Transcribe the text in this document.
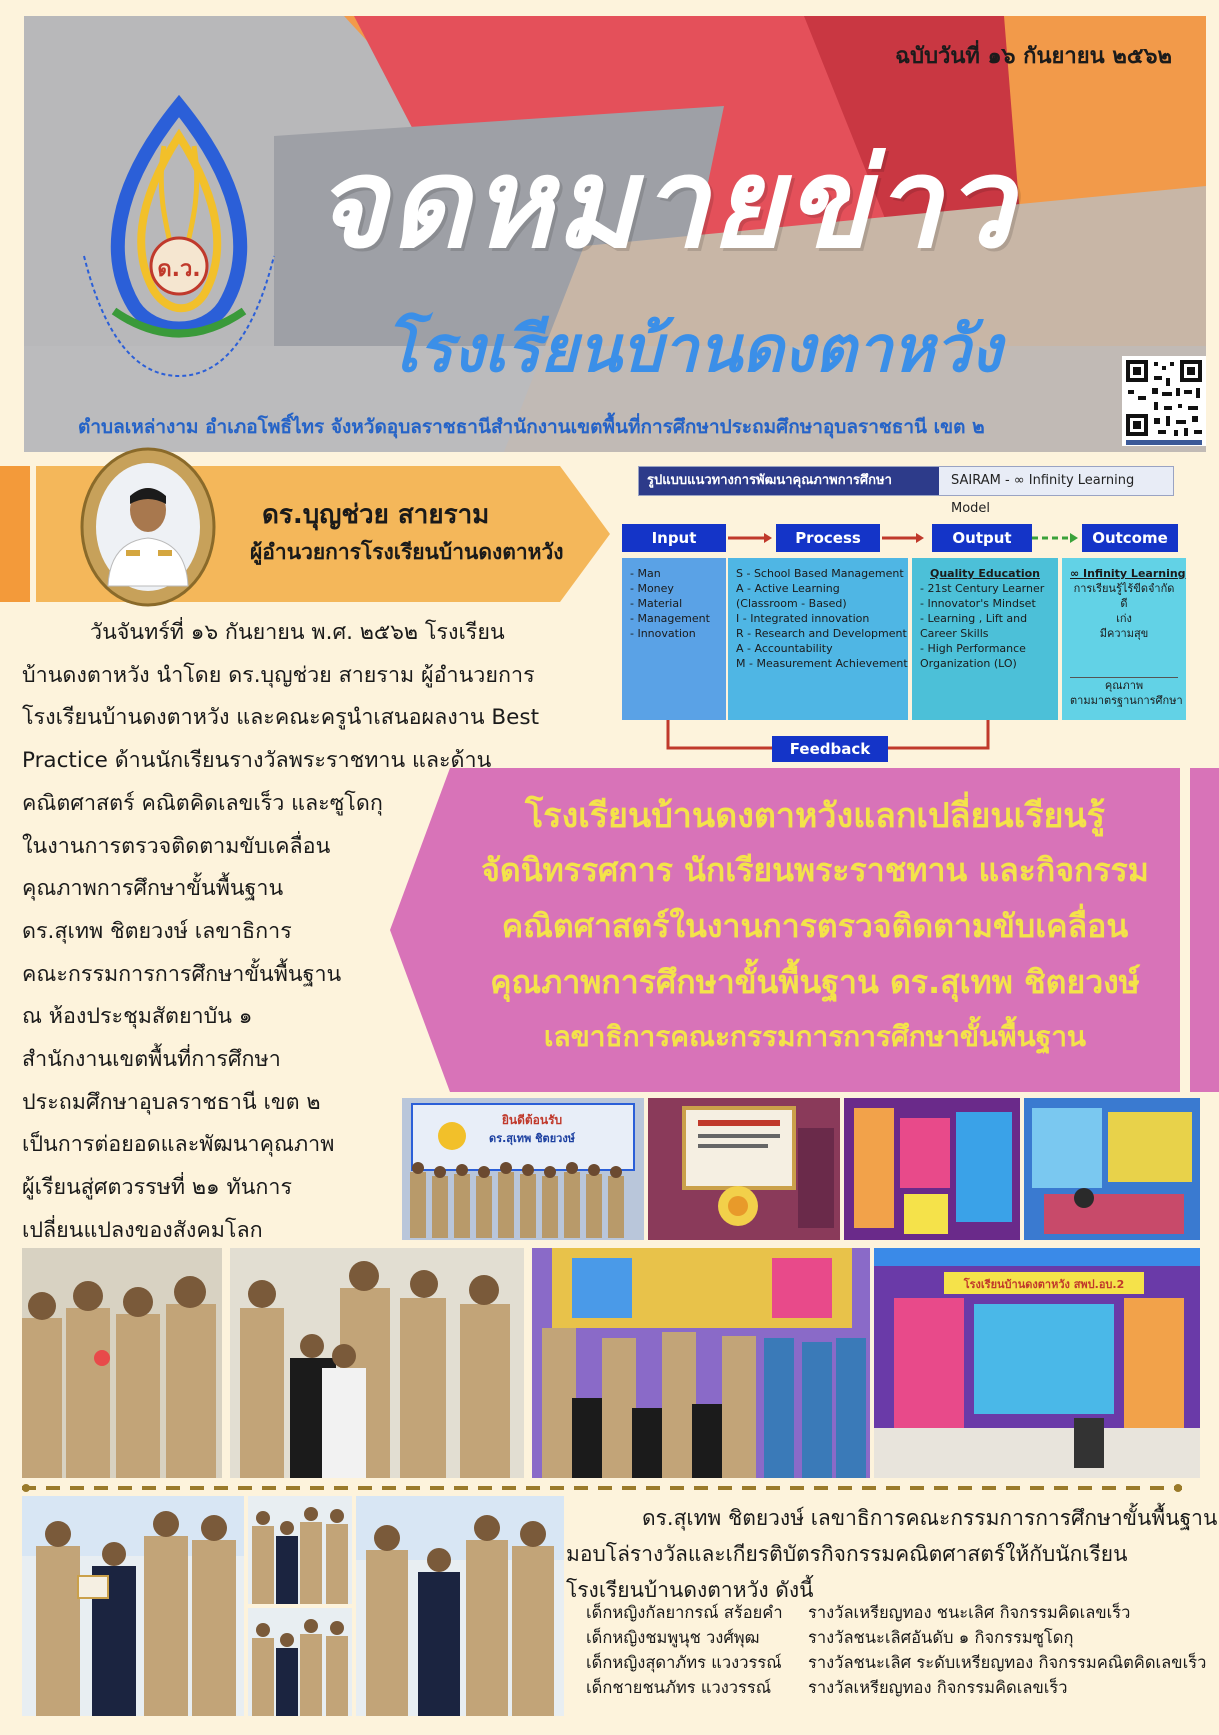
ด.ว.
ฉบับวันที่ ๑๖ กันยายน ๒๕๖๒
จดหมายข่าว
โรงเรียนบ้านดงตาหวัง
ตำบลเหล่างาม อำเภอโพธิ์ไทร จังหวัดอุบลราชธานีสำนักงานเขตพื้นที่การศึกษาประถมศึกษาอุบลราชธานี เขต ๒
ดร.บุญช่วย สายราม
ผู้อำนวยการโรงเรียนบ้านดงตาหวัง
วันจันทร์ที่ ๑๖ กันยายน พ.ศ. ๒๕๖๒ โรงเรียน
บ้านดงตาหวัง นำโดย ดร.บุญช่วย สายราม ผู้อำนวยการ
โรงเรียนบ้านดงตาหวัง และคณะครูนำเสนอผลงาน Best
Practice ด้านนักเรียนรางวัลพระราชทาน และด้าน
คณิตศาสตร์ คณิตคิดเลขเร็ว และซูโดกุ
ในงานการตรวจติดตามขับเคลื่อน
คุณภาพการศึกษาขั้นพื้นฐาน
ดร.สุเทพ ชิตยวงษ์ เลขาธิการ
คณะกรรมการการศึกษาขั้นพื้นฐาน
ณ ห้องประชุมสัตยาบัน ๑
สำนักงานเขตพื้นที่การศึกษา
ประถมศึกษาอุบลราชธานี เขต ๒
เป็นการต่อยอดและพัฒนาคุณภาพ
ผู้เรียนสู่ศตวรรษที่ ๒๑ ทันการ
เปลี่ยนแปลงของสังคมโลก
รูปแบบแนวทางการพัฒนาคุณภาพการศึกษา	SAIRAM - ∞ Infinity Learning Model
Input	Process	Output	Outcome
- Man
- Money
- Material
- Management
- Innovation
S - School Based Management
A - Active Learning
(Classroom - Based)
I - Integrated innovation
R - Research and Development
A - Accountability
M - Measurement Achievement
Quality Education
- 21st Century Learner
- Innovator's Mindset
- Learning , Lift and
Career Skills
- High Performance
Organization (LO)
∞ Infinity Learning
การเรียนรู้ไร้ขีดจำกัด
ดี
เก่ง
มีความสุข
คุณภาพ
ตามมาตรฐานการศึกษา
Feedback
โรงเรียนบ้านดงตาหวังแลกเปลี่ยนเรียนรู้
จัดนิทรรศการ นักเรียนพระราชทาน และกิจกรรม
คณิตศาสตร์ในงานการตรวจติดตามขับเคลื่อน
คุณภาพการศึกษาขั้นพื้นฐาน ดร.สุเทพ ชิตยวงษ์
เลขาธิการคณะกรรมการการศึกษาขั้นพื้นฐาน
ยินดีต้อนรับ
ดร.สุเทพ ชิตยวงษ์
โรงเรียนบ้านดงตาหวัง สพป.อบ.2
ดร.สุเทพ ชิตยวงษ์ เลขาธิการคณะกรรมการการศึกษาขั้นพื้นฐาน
มอบโล่รางวัลและเกียรติบัตรกิจกรรมคณิตศาสตร์ให้กับนักเรียน
โรงเรียนบ้านดงตาหวัง ดังนี้
เด็กหญิงกัลยากรณ์ สร้อยคำ รางวัลเหรียญทอง ชนะเลิศ กิจกรรมคิดเลขเร็ว
เด็กหญิงชมพูนุช วงศ์พุฒ	รางวัลชนะเลิศอันดับ ๑ กิจกรรมซูโดกุ
เด็กหญิงสุดาภัทร แวงวรรณ์ รางวัลชนะเลิศ ระดับเหรียญทอง กิจกรรมคณิตคิดเลขเร็ว
เด็กชายชนภัทร แวงวรรณ์ รางวัลเหรียญทอง กิจกรรมคิดเลขเร็ว
